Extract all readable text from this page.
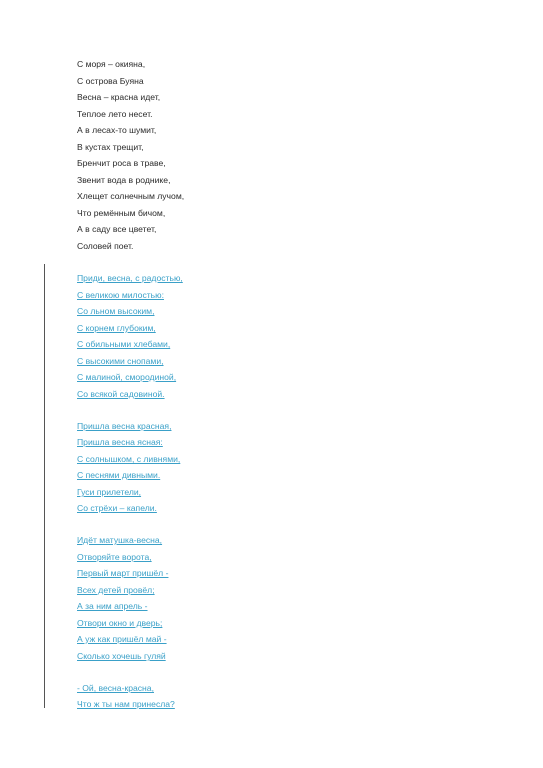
С моря – окияна,
С острова Буяна
Весна – красна идет,
Теплое лето несет.
А в лесах-то шумит,
В кустах трещит,
Бренчит роса в траве,
Звенит вода в роднике,
Хлещет солнечным лучом,
Что ремённым бичом,
А в саду все цветет,
Соловей поет.
Приди, весна, с радостью,
С великою милостью:
Со льном высоким,
С корнем глубоким,
С обильными хлебами,
С высокими снопами,
С малиной, смородиной,
Со всякой садовиной.
Пришла весна красная,
Пришла весна ясная:
С солнышком, с ливнями,
С песнями дивными.
Гуси прилетели,
Со стрёхи – капели.
Идёт матушка-весна,
Отворяйте ворота,
Первый март пришёл -
Всех детей провёл;
А за ним апрель -
Отвори окно и дверь;
А уж как пришёл май -
Сколько хочешь гуляй
- Ой, весна-красна,
Что ж ты нам принесла?
